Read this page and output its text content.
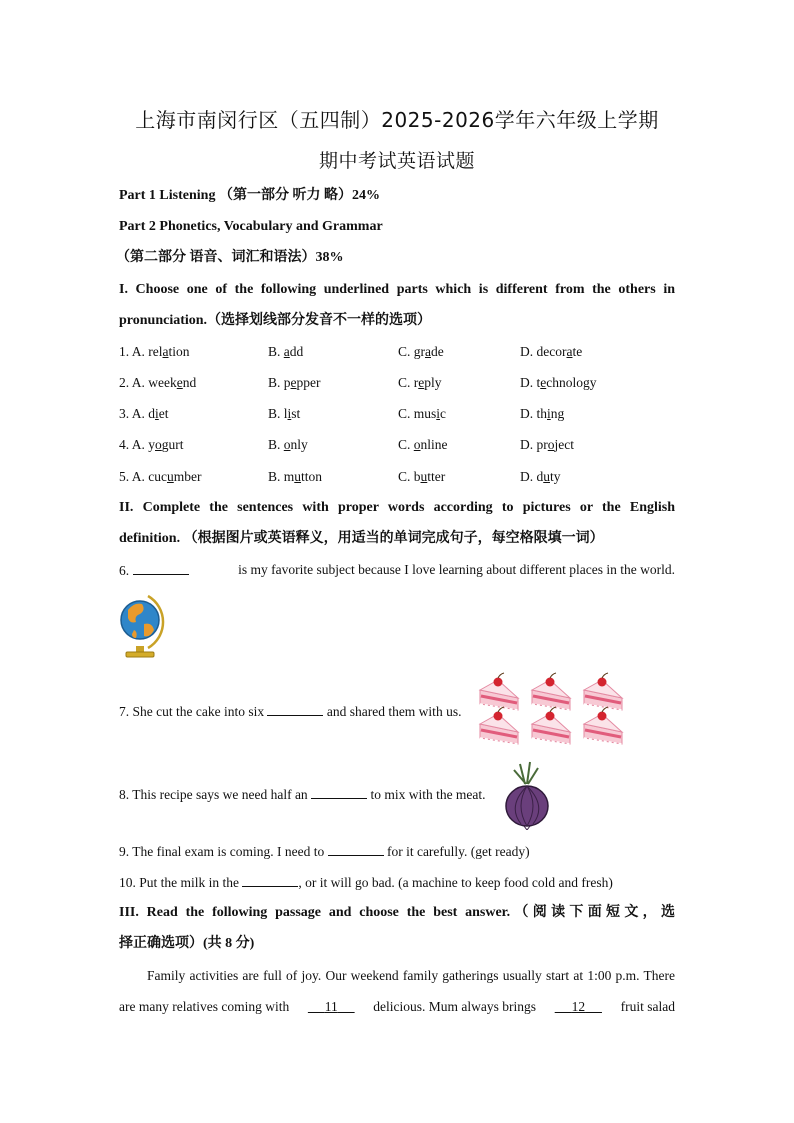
上海市南闵行区（五四制）2025-2026学年六年级上学期
期中考试英语试题
Part 1 Listening （第一部分 听力 略）24%
Part 2 Phonetics, Vocabulary and Grammar
（第二部分 语音、词汇和语法）38%
I. Choose one of the following underlined parts which is different from the others in
pronunciation.（选择划线部分发音不一样的选项）
1. A. relation	B. add	C. grade	D. decorate
2. A. weekend	B. pepper	C. reply	D. technology
3. A. diet	B. list	C. music	D. thing
4. A. yogurt	B. only	C. online	D. project
5. A. cucumber	B. mutton	C. butter	D. duty
II. Complete the sentences with proper words according to pictures or the English
definition. （根据图片或英语释义，用适当的单词完成句子，每空格限填一词）
6.	is my favorite subject because I love learning about different places in the world.
7. She cut the cake into six	and shared them with us.
8. This recipe says we need half an	to mix with the meat.
9. The final exam is coming. I need to	for it carefully. (get ready)
10. Put the milk in the	, or it will go bad. (a machine to keep food cold and fresh)
III. Read the following passage and choose the best answer.（阅读下面短文，选
择正确选项）(共 8 分)
Family activities are full of joy. Our weekend family gatherings usually start at 1:00 p.m. There
are many relatives coming with	11	delicious. Mum always brings	12	fruit salad
